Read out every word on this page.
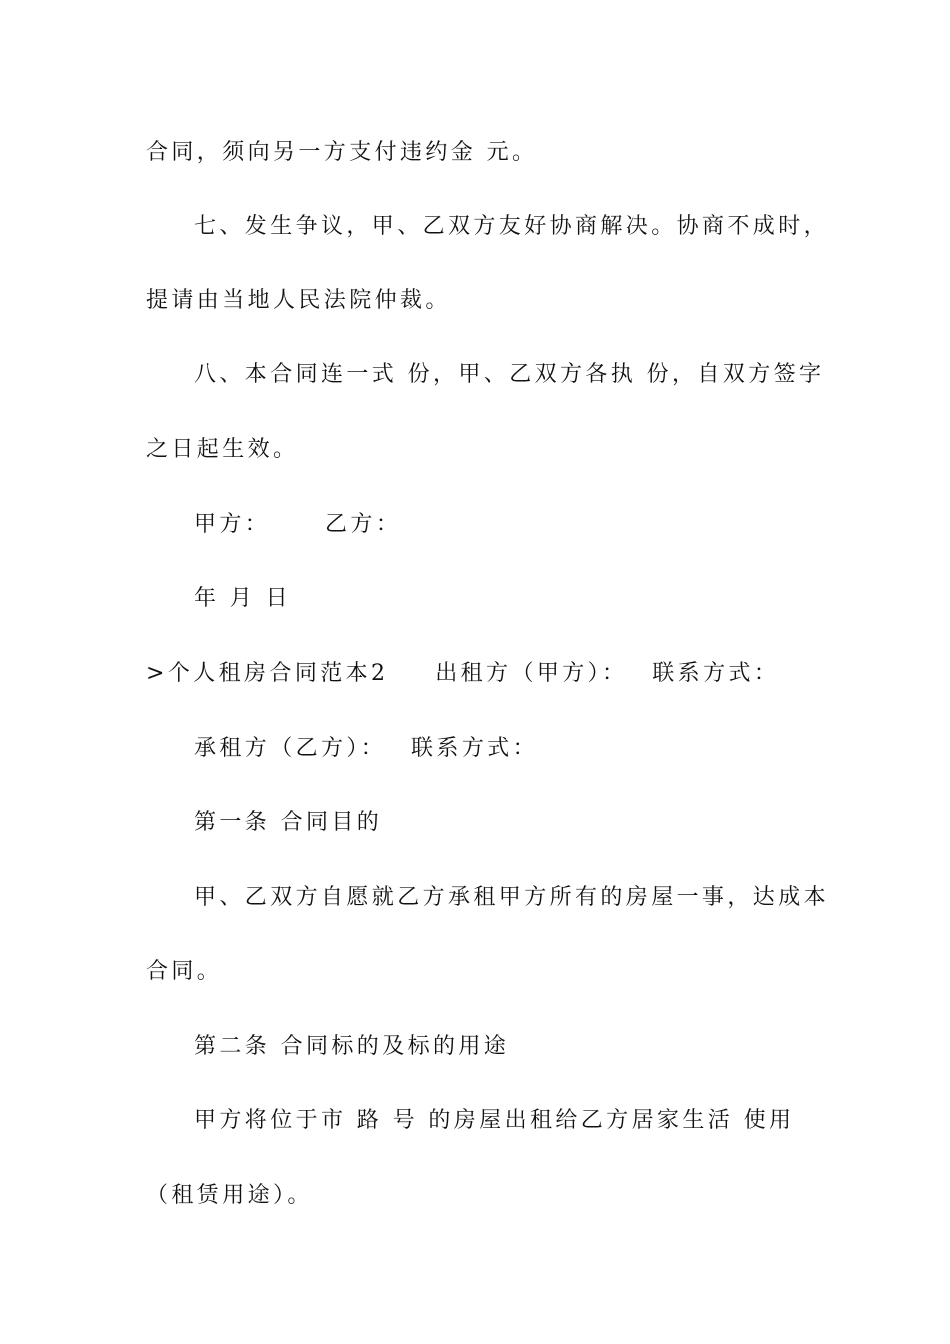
合同，须向另一方支付违约金 元。
七、发生争议，甲、乙双方友好协商解决。协商不成时，
提请由当地人民法院仲裁。
八、本合同连一式 份，甲、乙双方各执 份，自双方签字
之日起生效。
甲方： 乙方：
年 月 日
>个人租房合同范本2 出租方（甲方）： 联系方式：
承租方（乙方）： 联系方式：
第一条 合同目的
甲、乙双方自愿就乙方承租甲方所有的房屋一事，达成本
合同。
第二条 合同标的及标的用途
甲方将位于市 路 号 的房屋出租给乙方居家生活 使用
（租赁用途）。
